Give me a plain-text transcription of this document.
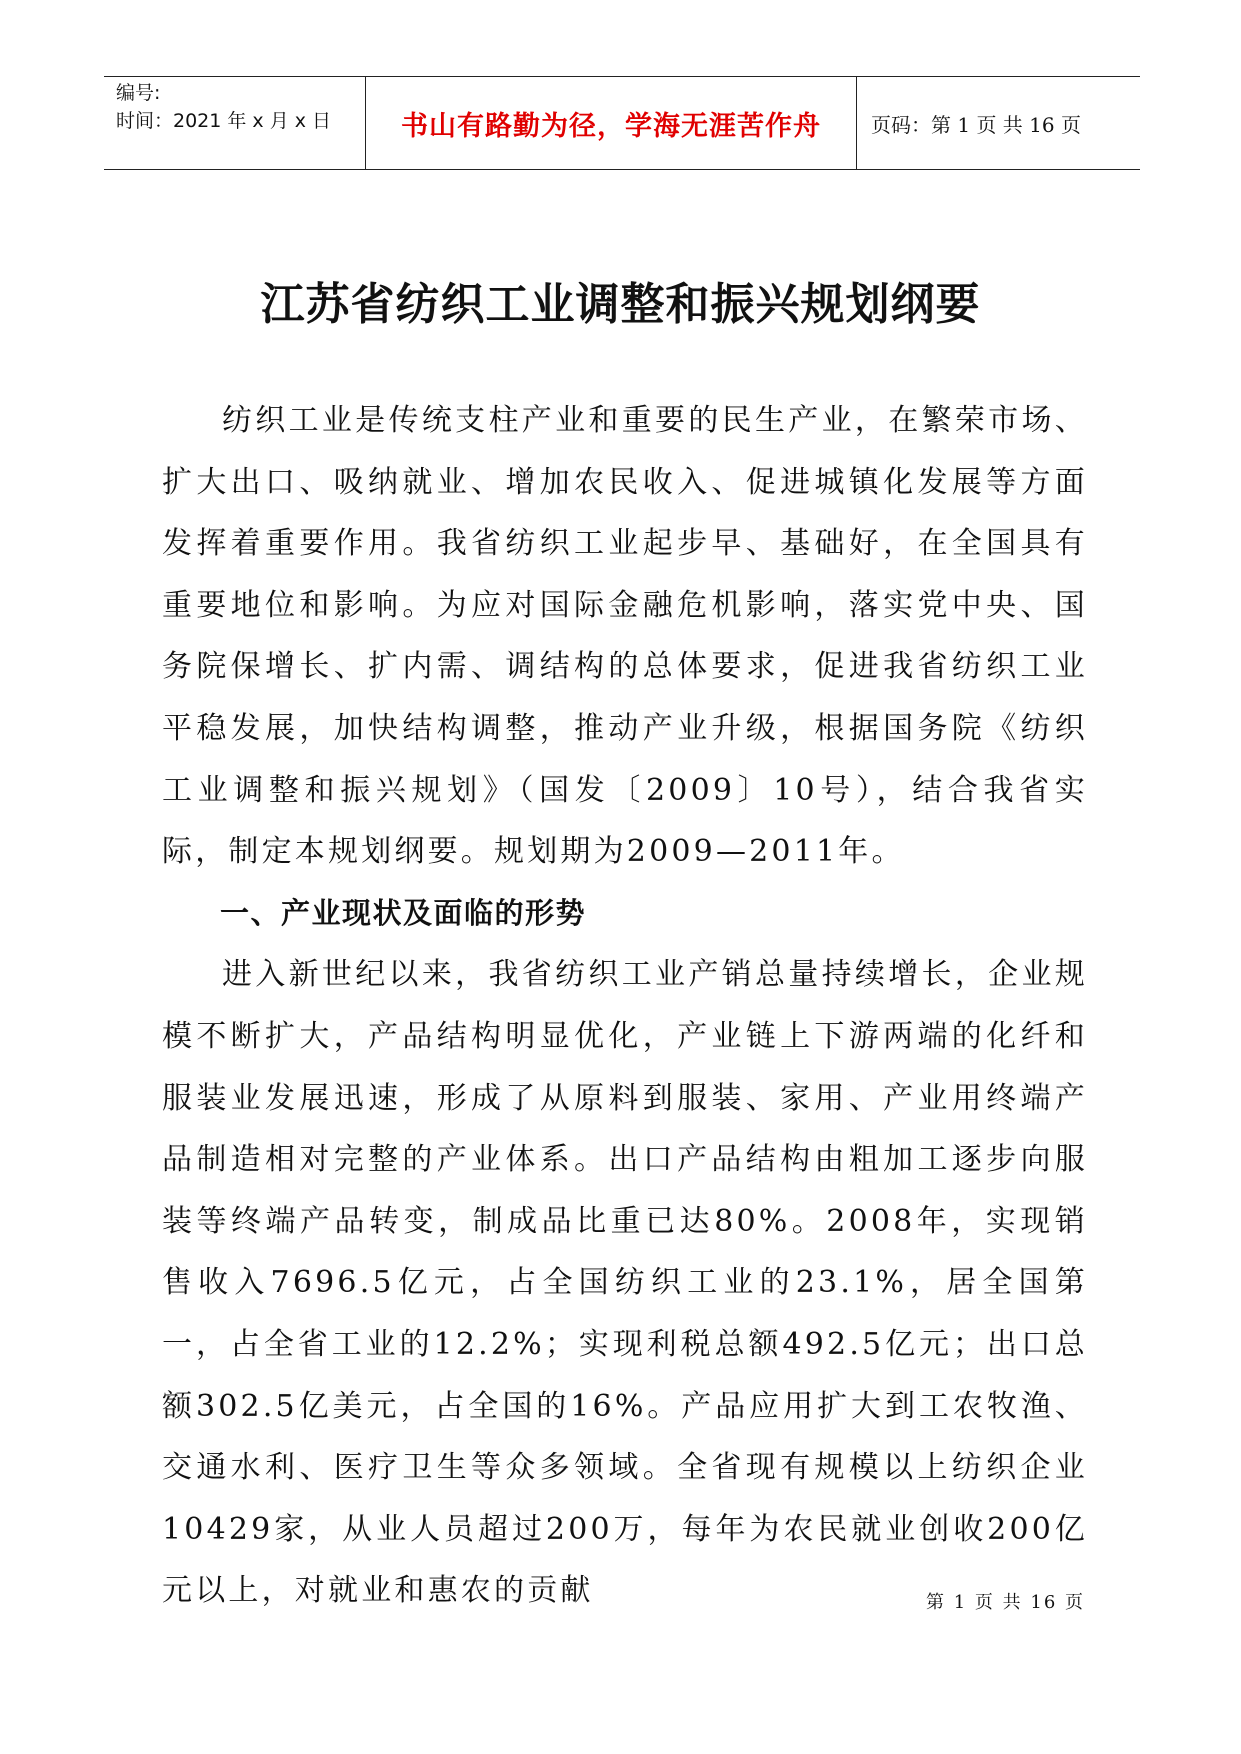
编号:
时间：2021 年 x 月 x 日	书山有路勤为径，学海无涯苦作舟	页码：第 1 页 共 16 页
江苏省纺织工业调整和振兴规划纲要

纺织工业是传统支柱产业和重要的民生产业，在繁荣市场、扩大出口、吸纳就业、增加农民收入、促进城镇化发展等方面发挥着重要作用。我省纺织工业起步早、基础好，在全国具有重要地位和影响。为应对国际金融危机影响，落实党中央、国务院保增长、扩内需、调结构的总体要求，促进我省纺织工业平稳发展，加快结构调整，推动产业升级，根据国务院《纺织工业调整和振兴规划》（国发〔2009〕10号），结合我省实际，制定本规划纲要。规划期为2009—2011年。

一、产业现状及面临的形势

进入新世纪以来，我省纺织工业产销总量持续增长，企业规模不断扩大，产品结构明显优化，产业链上下游两端的化纤和服装业发展迅速，形成了从原料到服装、家用、产业用终端产品制造相对完整的产业体系。出口产品结构由粗加工逐步向服装等终端产品转变，制成品比重已达80%。2008年，实现销售收入7696.5亿元，占全国纺织工业的23.1%，居全国第一，占全省工业的12.2%；实现利税总额492.5亿元；出口总额302.5亿美元，占全国的16%。产品应用扩大到工农牧渔、交通水利、医疗卫生等众多领域。全省现有规模以上纺织企业10429家，从业人员超过200万，每年为农民就业创收200亿元以上，对就业和惠农的贡献	第 1 页 共 16 页
